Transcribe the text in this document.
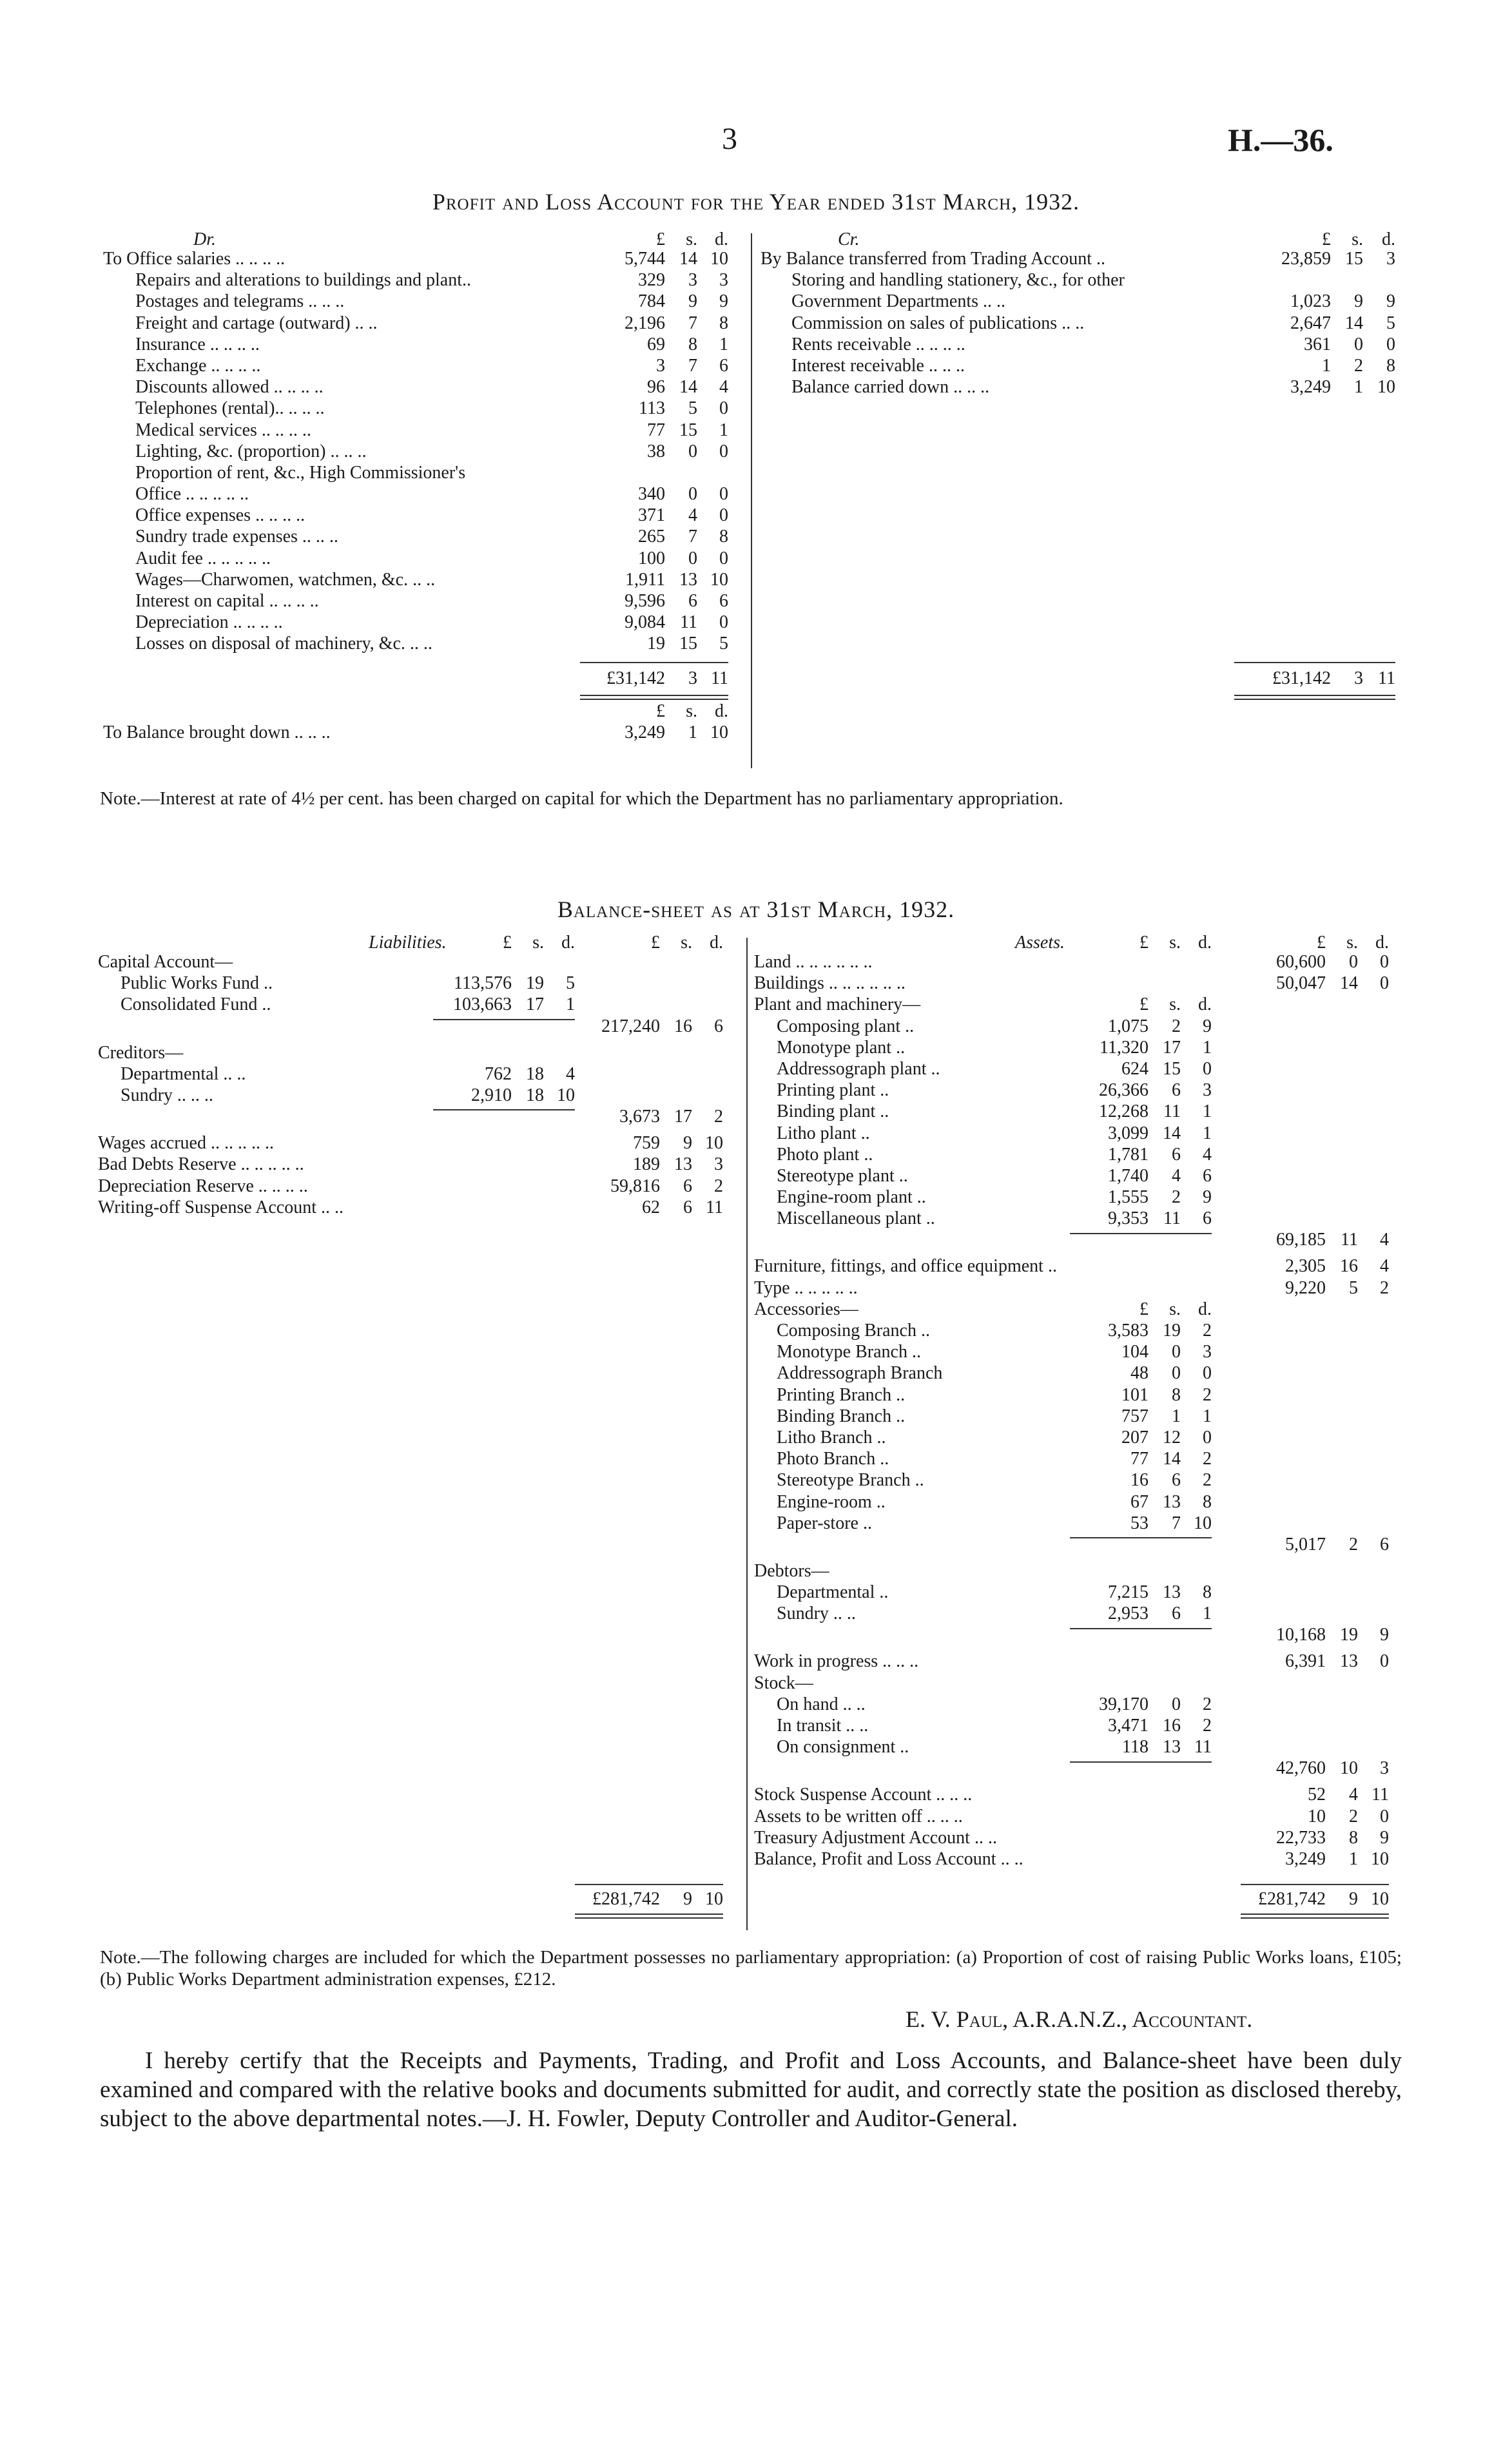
3	H.—36.
Profit and Loss Account for the Year ended 31st March, 1932.
Dr.	£	s. d.
To Office salaries .. .. .. ..	5,744 14 10
Repairs and alterations to buildings and plant..	329	3	3
Postages and telegrams .. .. ..	784	9	9
Freight and cartage (outward) .. ..	2,196	7	8
Insurance .. .. .. ..	69	8	1
Exchange .. .. .. ..	3	7	6
Discounts allowed .. .. .. ..	96 14	4
Telephones (rental).. .. .. ..	113	5	0
Medical services .. .. .. ..	77 15	1
Lighting, &c. (proportion) .. .. ..	38	0	0
Proportion of rent, &c., High Commissioner's
Office .. .. .. .. ..	340	0	0
Office expenses .. .. .. ..	371	4	0
Sundry trade expenses .. .. ..	265	7	8
Audit fee .. .. .. .. ..	100	0	0
Wages—Charwomen, watchmen, &c. .. ..	1,911 13 10
Interest on capital .. .. .. ..	9,596	6	6
Depreciation .. .. .. ..	9,084 11	0
Losses on disposal of machinery, &c. .. ..	19 15	5
£31,142	3 11
£	s. d.
To Balance brought down .. .. ..	3,249	1 10
Cr.	£	s.	d.
By Balance transferred from Trading Account ..	23,859 15	3
Storing and handling stationery, &c., for other
Government Departments .. ..	1,023	9	9
Commission on sales of publications .. ..	2,647 14	5
Rents receivable .. .. .. ..	361	0	0
Interest receivable .. .. ..	1	2	8
Balance carried down .. .. ..	3,249	1 10
£31,142	3 11
Note.—Interest at rate of 4½ per cent. has been charged on capital for which the Department has no parliamentary appropriation.
Balance-sheet as at 31st March, 1932.
Liabilities.	£	s. d.	£	s. d.
Capital Account—
Public Works Fund ..	113,576 19	5
Consolidated Fund ..	103,663 17	1
217,240 16	6
Creditors—
Departmental .. ..	762 18	4
Sundry .. .. ..	2,910 18 10
3,673 17	2
Wages accrued .. .. .. .. ..	759	9 10
Bad Debts Reserve .. .. .. .. ..	189 13	3
Depreciation Reserve .. .. .. ..	59,816	6	2
Writing-off Suspense Account .. ..	62	6 11
£281,742	9 10
Assets.	£	s. d.	£	s. d.
Land .. .. .. .. .. ..	60,600	0	0
Buildings .. .. .. .. .. ..	50,047 14	0
Plant and machinery—	£	s. d.
Composing plant ..	1,075	2	9
Monotype plant ..	11,320 17	1
Addressograph plant ..	624 15	0
Printing plant ..	26,366	6	3
Binding plant ..	12,268 11	1
Litho plant ..	3,099 14	1
Photo plant ..	1,781	6	4
Stereotype plant ..	1,740	4	6
Engine-room plant ..	1,555	2	9
Miscellaneous plant ..	9,353 11	6
69,185 11	4
Furniture, fittings, and office equipment ..	2,305 16	4
Type .. .. .. .. ..	9,220	5	2
Accessories—	£	s. d.
Composing Branch ..	3,583 19	2
Monotype Branch ..	104	0	3
Addressograph Branch	48	0	0
Printing Branch ..	101	8	2
Binding Branch ..	757	1	1
Litho Branch ..	207 12	0
Photo Branch ..	77 14	2
Stereotype Branch ..	16	6	2
Engine-room ..	67 13	8
Paper-store ..	53	7 10
5,017	2	6
Debtors—
Departmental ..	7,215 13	8
Sundry .. ..	2,953	6	1
10,168 19	9
Work in progress .. .. ..	6,391 13	0
Stock—
On hand .. ..	39,170	0	2
In transit .. ..	3,471 16	2
On consignment ..	118 13 11
42,760 10	3
Stock Suspense Account .. .. ..	52	4 11
Assets to be written off .. .. ..	10	2	0
Treasury Adjustment Account .. ..	22,733	8	9
Balance, Profit and Loss Account .. ..	3,249	1 10
£281,742	9 10
Note.—The following charges are included for which the Department possesses no parliamentary appropriation: (a) Proportion of cost of raising Public Works loans, £105; (b) Public Works Department administration expenses, £212.
E. V. Paul, A.R.A.N.Z., Accountant.
I hereby certify that the Receipts and Payments, Trading, and Profit and Loss Accounts, and Balance-sheet have been duly examined and compared with the relative books and documents submitted for audit, and correctly state the position as disclosed thereby, subject to the above departmental notes.—J. H. Fowler, Deputy Controller and Auditor-General.
